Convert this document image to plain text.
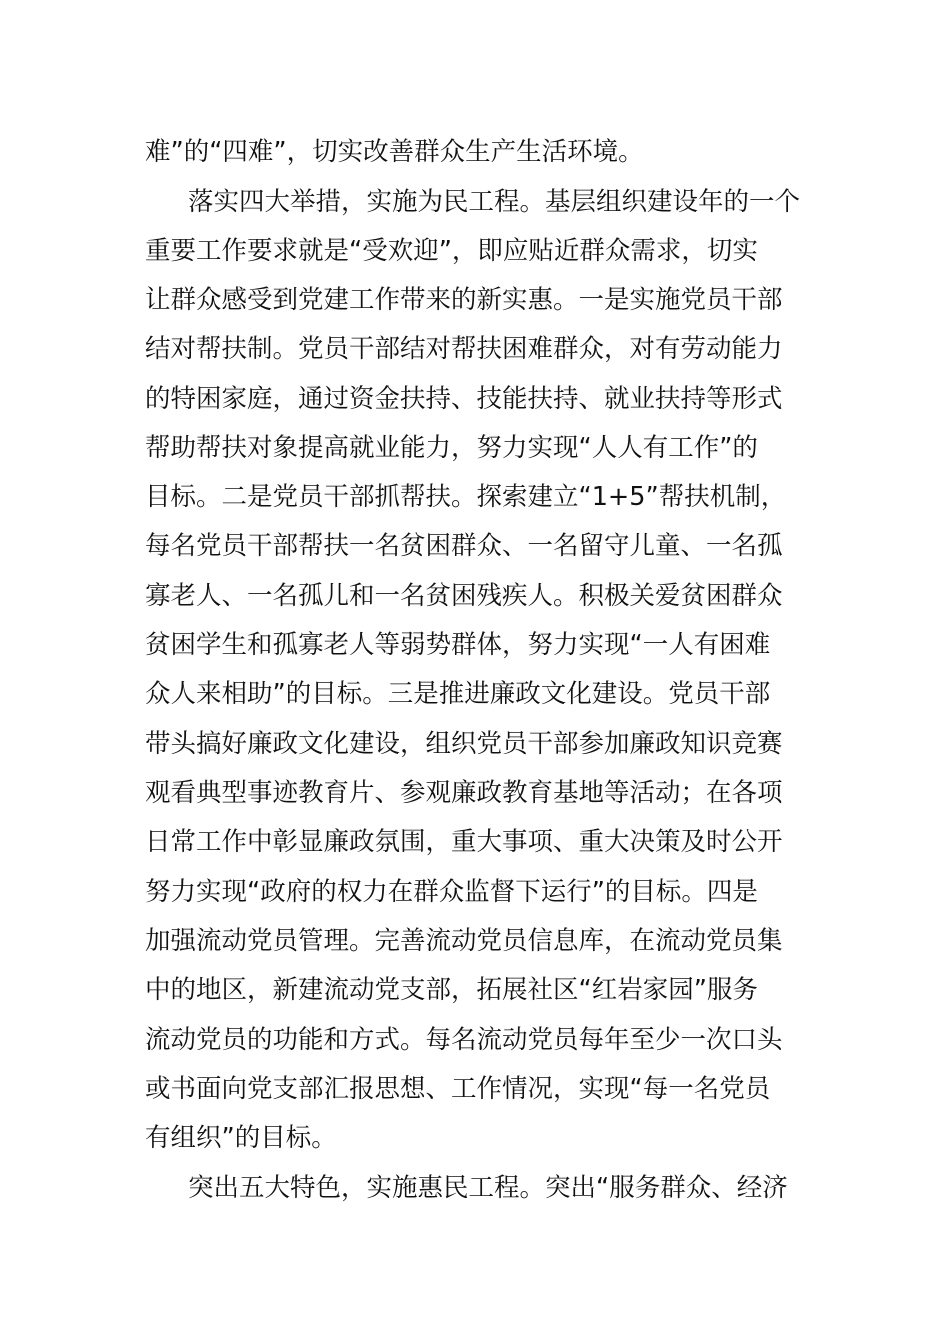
难”的“四难”，切实改善群众生产生活环境。
落实四大举措，实施为民工程。基层组织建设年的一个
重要工作要求就是“受欢迎”，即应贴近群众需求，切实
让群众感受到党建工作带来的新实惠。一是实施党员干部
结对帮扶制。党员干部结对帮扶困难群众，对有劳动能力
的特困家庭，通过资金扶持、技能扶持、就业扶持等形式
帮助帮扶对象提高就业能力，努力实现“人人有工作”的
目标。二是党员干部抓帮扶。探索建立“1+5”帮扶机制，
每名党员干部帮扶一名贫困群众、一名留守儿童、一名孤
寡老人、一名孤儿和一名贫困残疾人。积极关爱贫困群众
贫困学生和孤寡老人等弱势群体，努力实现“一人有困难
众人来相助”的目标。三是推进廉政文化建设。党员干部
带头搞好廉政文化建设，组织党员干部参加廉政知识竞赛
观看典型事迹教育片、参观廉政教育基地等活动；在各项
日常工作中彰显廉政氛围，重大事项、重大决策及时公开
努力实现“政府的权力在群众监督下运行”的目标。四是
加强流动党员管理。完善流动党员信息库，在流动党员集
中的地区，新建流动党支部，拓展社区“红岩家园”服务
流动党员的功能和方式。每名流动党员每年至少一次口头
或书面向党支部汇报思想、工作情况，实现“每一名党员
有组织”的目标。
突出五大特色，实施惠民工程。突出“服务群众、经济
